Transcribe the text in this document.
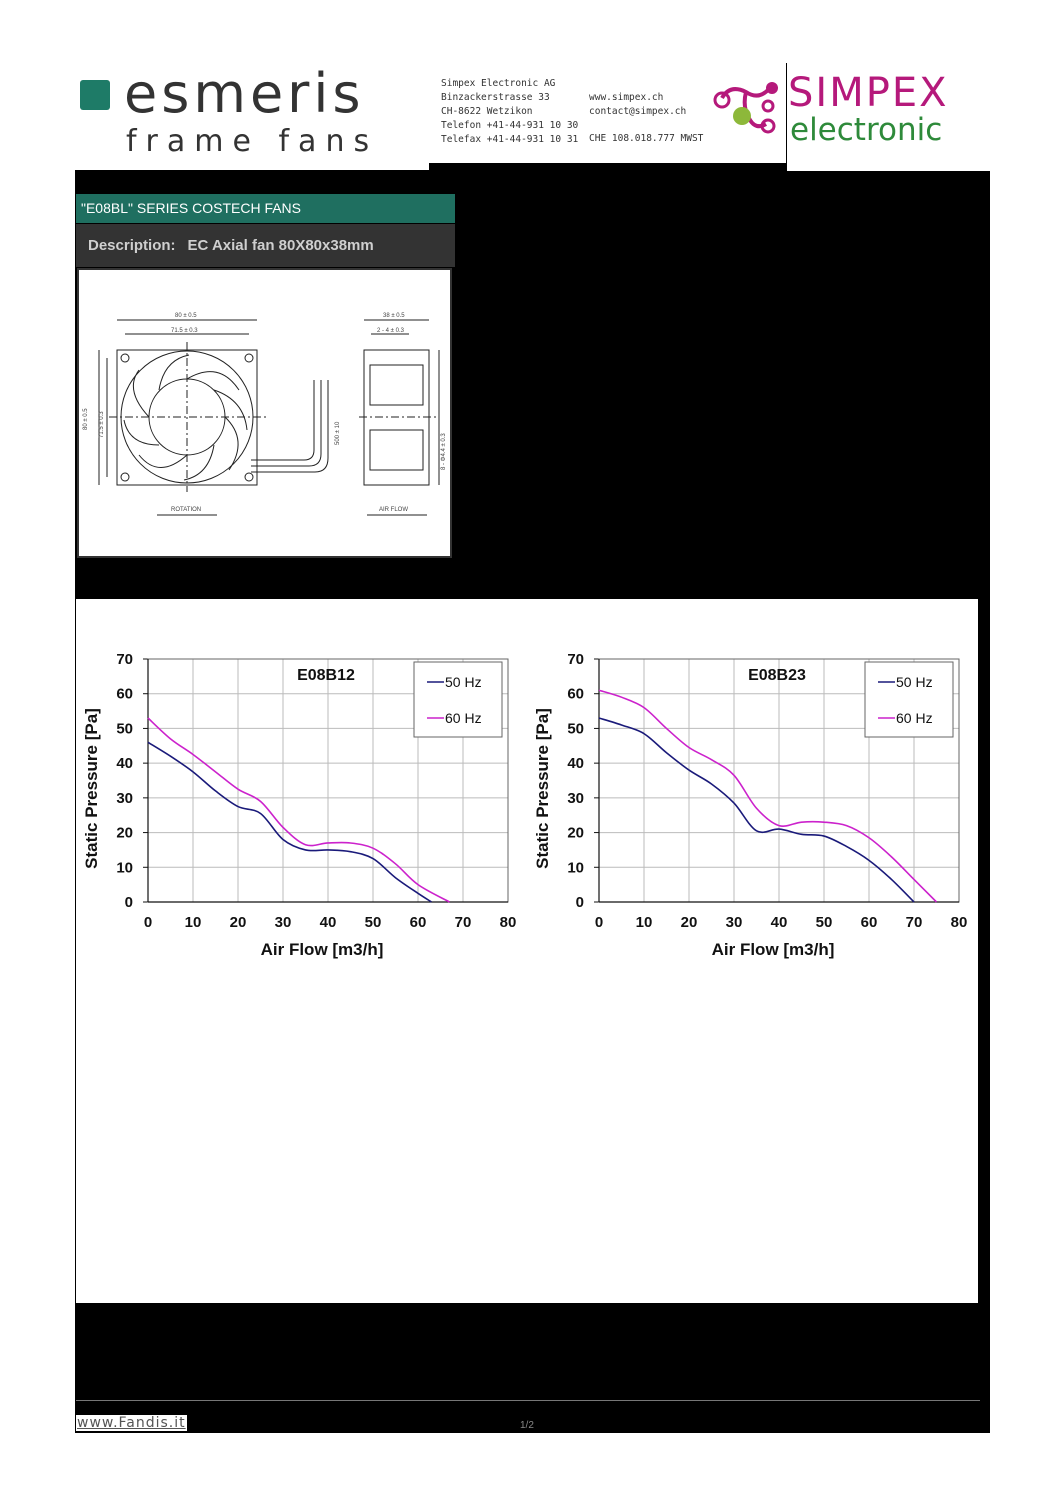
esmeris
frame fans
Simpex Electronic AG
Binzackerstrasse 33
CH-8622 Wetzikon
Telefon +41-44-931 10 30
Telefax +41-44-931 10 31
www.simpex.ch
contact@simpex.ch
CHE 108.018.777 MWST
SIMPEX
electronic
"E08BL" SERIES COSTECH FANS
Description: EC Axial fan 80X80x38mm
80 ± 0.5
71.5 ± 0.3
38 ± 0.5
2 - 4 ± 0.3
80 ± 0.5 71.5 ± 0.3	500 ± 10	8 - Φ4.4 ± 0.3
ROTATION	AIR FLOW
0 10 20 30 40 50 60 70 80
0
10
20
30
40
50
60
70
E08B12	50 Hz
60 Hz
Air Flow [m3/h]
Static Pressure [Pa]
0 10 20 30 40 50 60 70 80
0
10
20
30
40
50
60
70
E08B23	50 Hz
60 Hz
Air Flow [m3/h]
Static Pressure [Pa]
www.Fandis.it	1/2
